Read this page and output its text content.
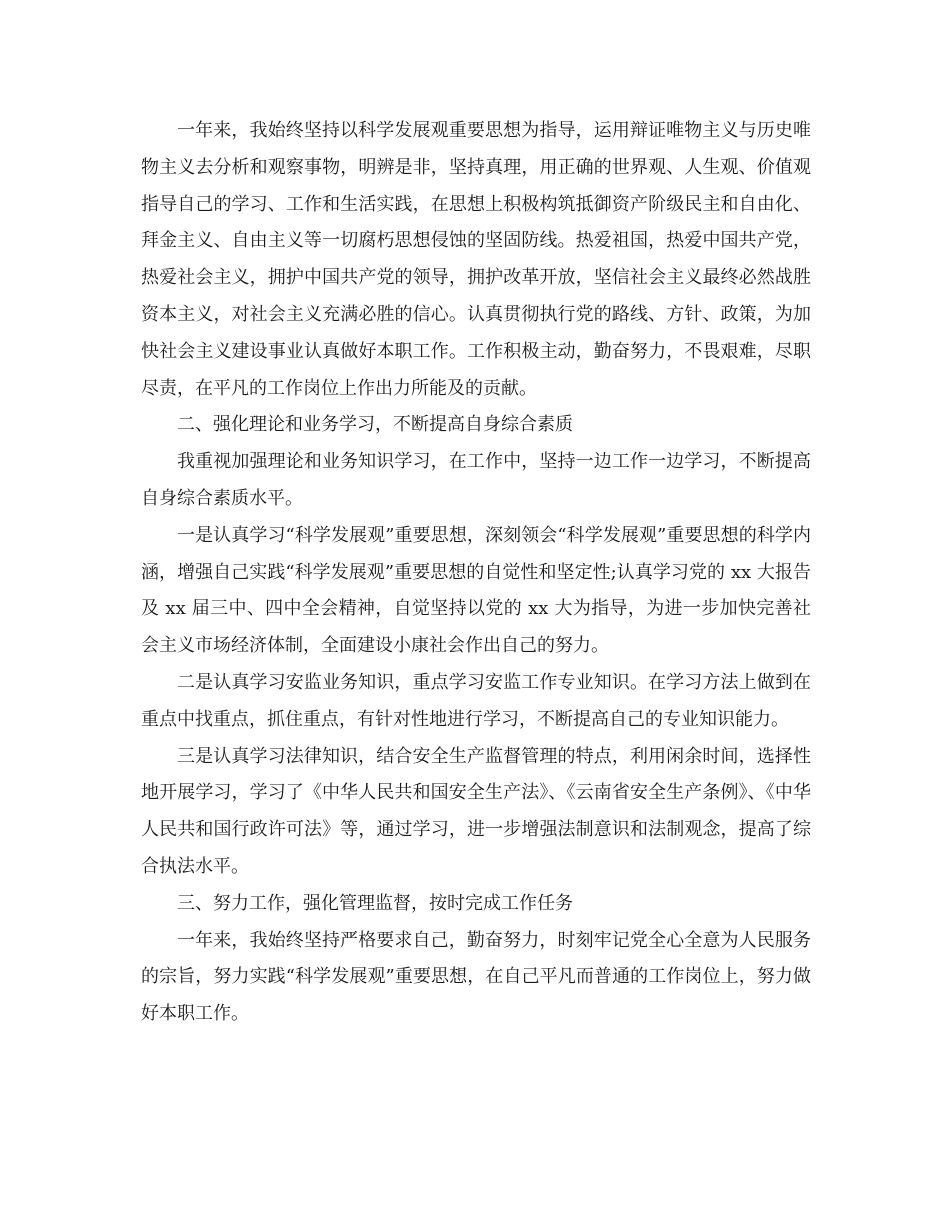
一年来，我始终坚持以科学发展观重要思想为指导，运用辩证唯物主义与历史唯物主义去分析和观察事物，明辨是非，坚持真理，用正确的世界观、人生观、价值观指导自己的学习、工作和生活实践，在思想上积极构筑抵御资产阶级民主和自由化、拜金主义、自由主义等一切腐朽思想侵蚀的坚固防线。热爱祖国，热爱中国共产党，热爱社会主义，拥护中国共产党的领导，拥护改革开放，坚信社会主义最终必然战胜资本主义，对社会主义充满必胜的信心。认真贯彻执行党的路线、方针、政策，为加快社会主义建设事业认真做好本职工作。工作积极主动，勤奋努力，不畏艰难，尽职尽责，在平凡的工作岗位上作出力所能及的贡献。

二、强化理论和业务学习，不断提高自身综合素质

我重视加强理论和业务知识学习，在工作中，坚持一边工作一边学习，不断提高自身综合素质水平。

一是认真学习“科学发展观”重要思想，深刻领会“科学发展观”重要思想的科学内涵，增强自己实践“科学发展观”重要思想的自觉性和坚定性;认真学习党的 xx 大报告及 xx 届三中、四中全会精神，自觉坚持以党的 xx 大为指导，为进一步加快完善社会主义市场经济体制，全面建设小康社会作出自己的努力。

二是认真学习安监业务知识，重点学习安监工作专业知识。在学习方法上做到在重点中找重点，抓住重点，有针对性地进行学习，不断提高自己的专业知识能力。

三是认真学习法律知识，结合安全生产监督管理的特点，利用闲余时间，选择性地开展学习，学习了《中华人民共和国安全生产法》、《云南省安全生产条例》、《中华人民共和国行政许可法》等，通过学习，进一步增强法制意识和法制观念，提高了综合执法水平。

三、努力工作，强化管理监督，按时完成工作任务

一年来，我始终坚持严格要求自己，勤奋努力，时刻牢记党全心全意为人民服务的宗旨，努力实践“科学发展观”重要思想，在自己平凡而普通的工作岗位上，努力做好本职工作。
